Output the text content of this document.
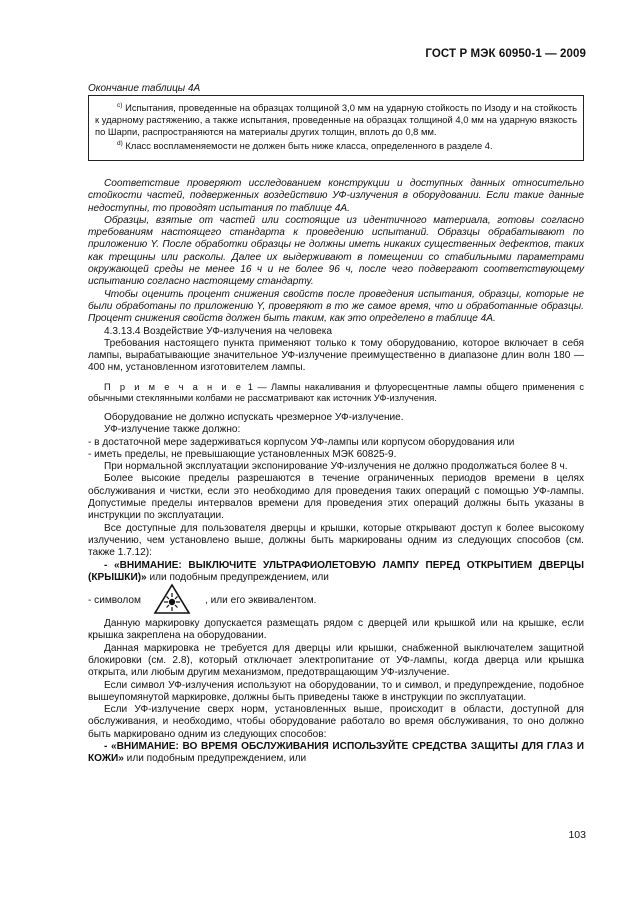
ГОСТ Р МЭК 60950-1 — 2009
Окончание таблицы 4А

$^{c)}$ Испытания, проведенные на образцах толщиной 3,0 мм на ударную стойкость по Изоду и на стойкость к ударному растяжению, а также испытания, проведенные на образцах толщиной 4,0 мм на ударную вязкость по Шарпи, распространяются на материалы других толщин, вплоть до 0,8 мм.

$^{d)}$ Класс воспламеняемости не должен быть ниже класса, определенного в разделе 4.

Соответствие проверяют исследованием конструкции и доступных данных относительно стойкости частей, подверженных воздействию УФ-излучения в оборудовании. Если такие данные недоступны, то проводят испытания по таблице 4А.

Образцы, взятые от частей или состоящие из идентичного материала, готовы согласно требованиям настоящего стандарта к проведению испытаний. Образцы обрабатывают по приложению Y. После обработки образцы не должны иметь никаких существенных дефектов, таких как трещины или расколы. Далее их выдерживают в помещении со стабильными параметрами окружающей среды не менее 16 ч и не более 96 ч, после чего подвергают соответствующему испытанию согласно настоящему стандарту.

Чтобы оценить процент снижения свойств после проведения испытания, образцы, которые не были обработаны по приложению Y, проверяют в то же самое время, что и обработанные образцы. Процент снижения свойств должен быть таким, как это определено в таблице 4А.

4.3.13.4 Воздействие УФ-излучения на человека

Требования настоящего пункта применяют только к тому оборудованию, которое включает в себя лампы, вырабатывающие значительное УФ-излучение преимущественно в диапазоне длин волн 180 — 400 нм, установленном изготовителем лампы.

П р и м е ч а н и е 1 — Лампы накаливания и флуоресцентные лампы общего применения с обычными стеклянными колбами не рассматривают как источник УФ-излучения.

Оборудование не должно испускать чрезмерное УФ-излучение.

УФ-излучение также должно:

- в достаточной мере задерживаться корпусом УФ-лампы или корпусом оборудования или

- иметь пределы, не превышающие установленных МЭК 60825-9.

При нормальной эксплуатации экспонирование УФ-излучения не должно продолжаться более 8 ч.

Более высокие пределы разрешаются в течение ограниченных периодов времени в целях обслуживания и чистки, если это необходимо для проведения таких операций с помощью УФ-лампы. Допустимые пределы интервалов времени для проведения этих операций должны быть указаны в инструкции по эксплуатации.

Все доступные для пользователя дверцы и крышки, которые открывают доступ к более высокому излучению, чем установлено выше, должны быть маркированы одним из следующих способов (см. также 1.7.12):

- «ВНИМАНИЕ: ВЫКЛЮЧИТЕ УЛЬТРАФИОЛЕТОВУЮ ЛАМПУ ПЕРЕД ОТКРЫТИЕМ ДВЕРЦЫ (КРЫШКИ)» или подобным предупреждением, или

- символом	, или его эквивалентом.

Данную маркировку допускается размещать рядом с дверцей или крышкой или на крышке, если крышка закреплена на оборудовании.

Данная маркировка не требуется для дверцы или крышки, снабженной выключателем защитной блокировки (см. 2.8), который отключает электропитание от УФ-лампы, когда дверца или крышка открыта, или любым другим механизмом, предотвращающим УФ-излучение.

Если символ УФ-излучения используют на оборудовании, то и символ, и предупреждение, подобное вышеупомянутой маркировке, должны быть приведены также в инструкции по эксплуатации.

Если УФ-излучение сверх норм, установленных выше, происходит в области, доступной для обслуживания, и необходимо, чтобы оборудование работало во время обслуживания, то оно должно быть маркировано одним из следующих способов:

- «ВНИМАНИЕ: ВО ВРЕМЯ ОБСЛУЖИВАНИЯ ИСПОЛЬЗУЙТЕ СРЕДСТВА ЗАЩИТЫ ДЛЯ ГЛАЗ И КОЖИ» или подобным предупреждением, или

103
